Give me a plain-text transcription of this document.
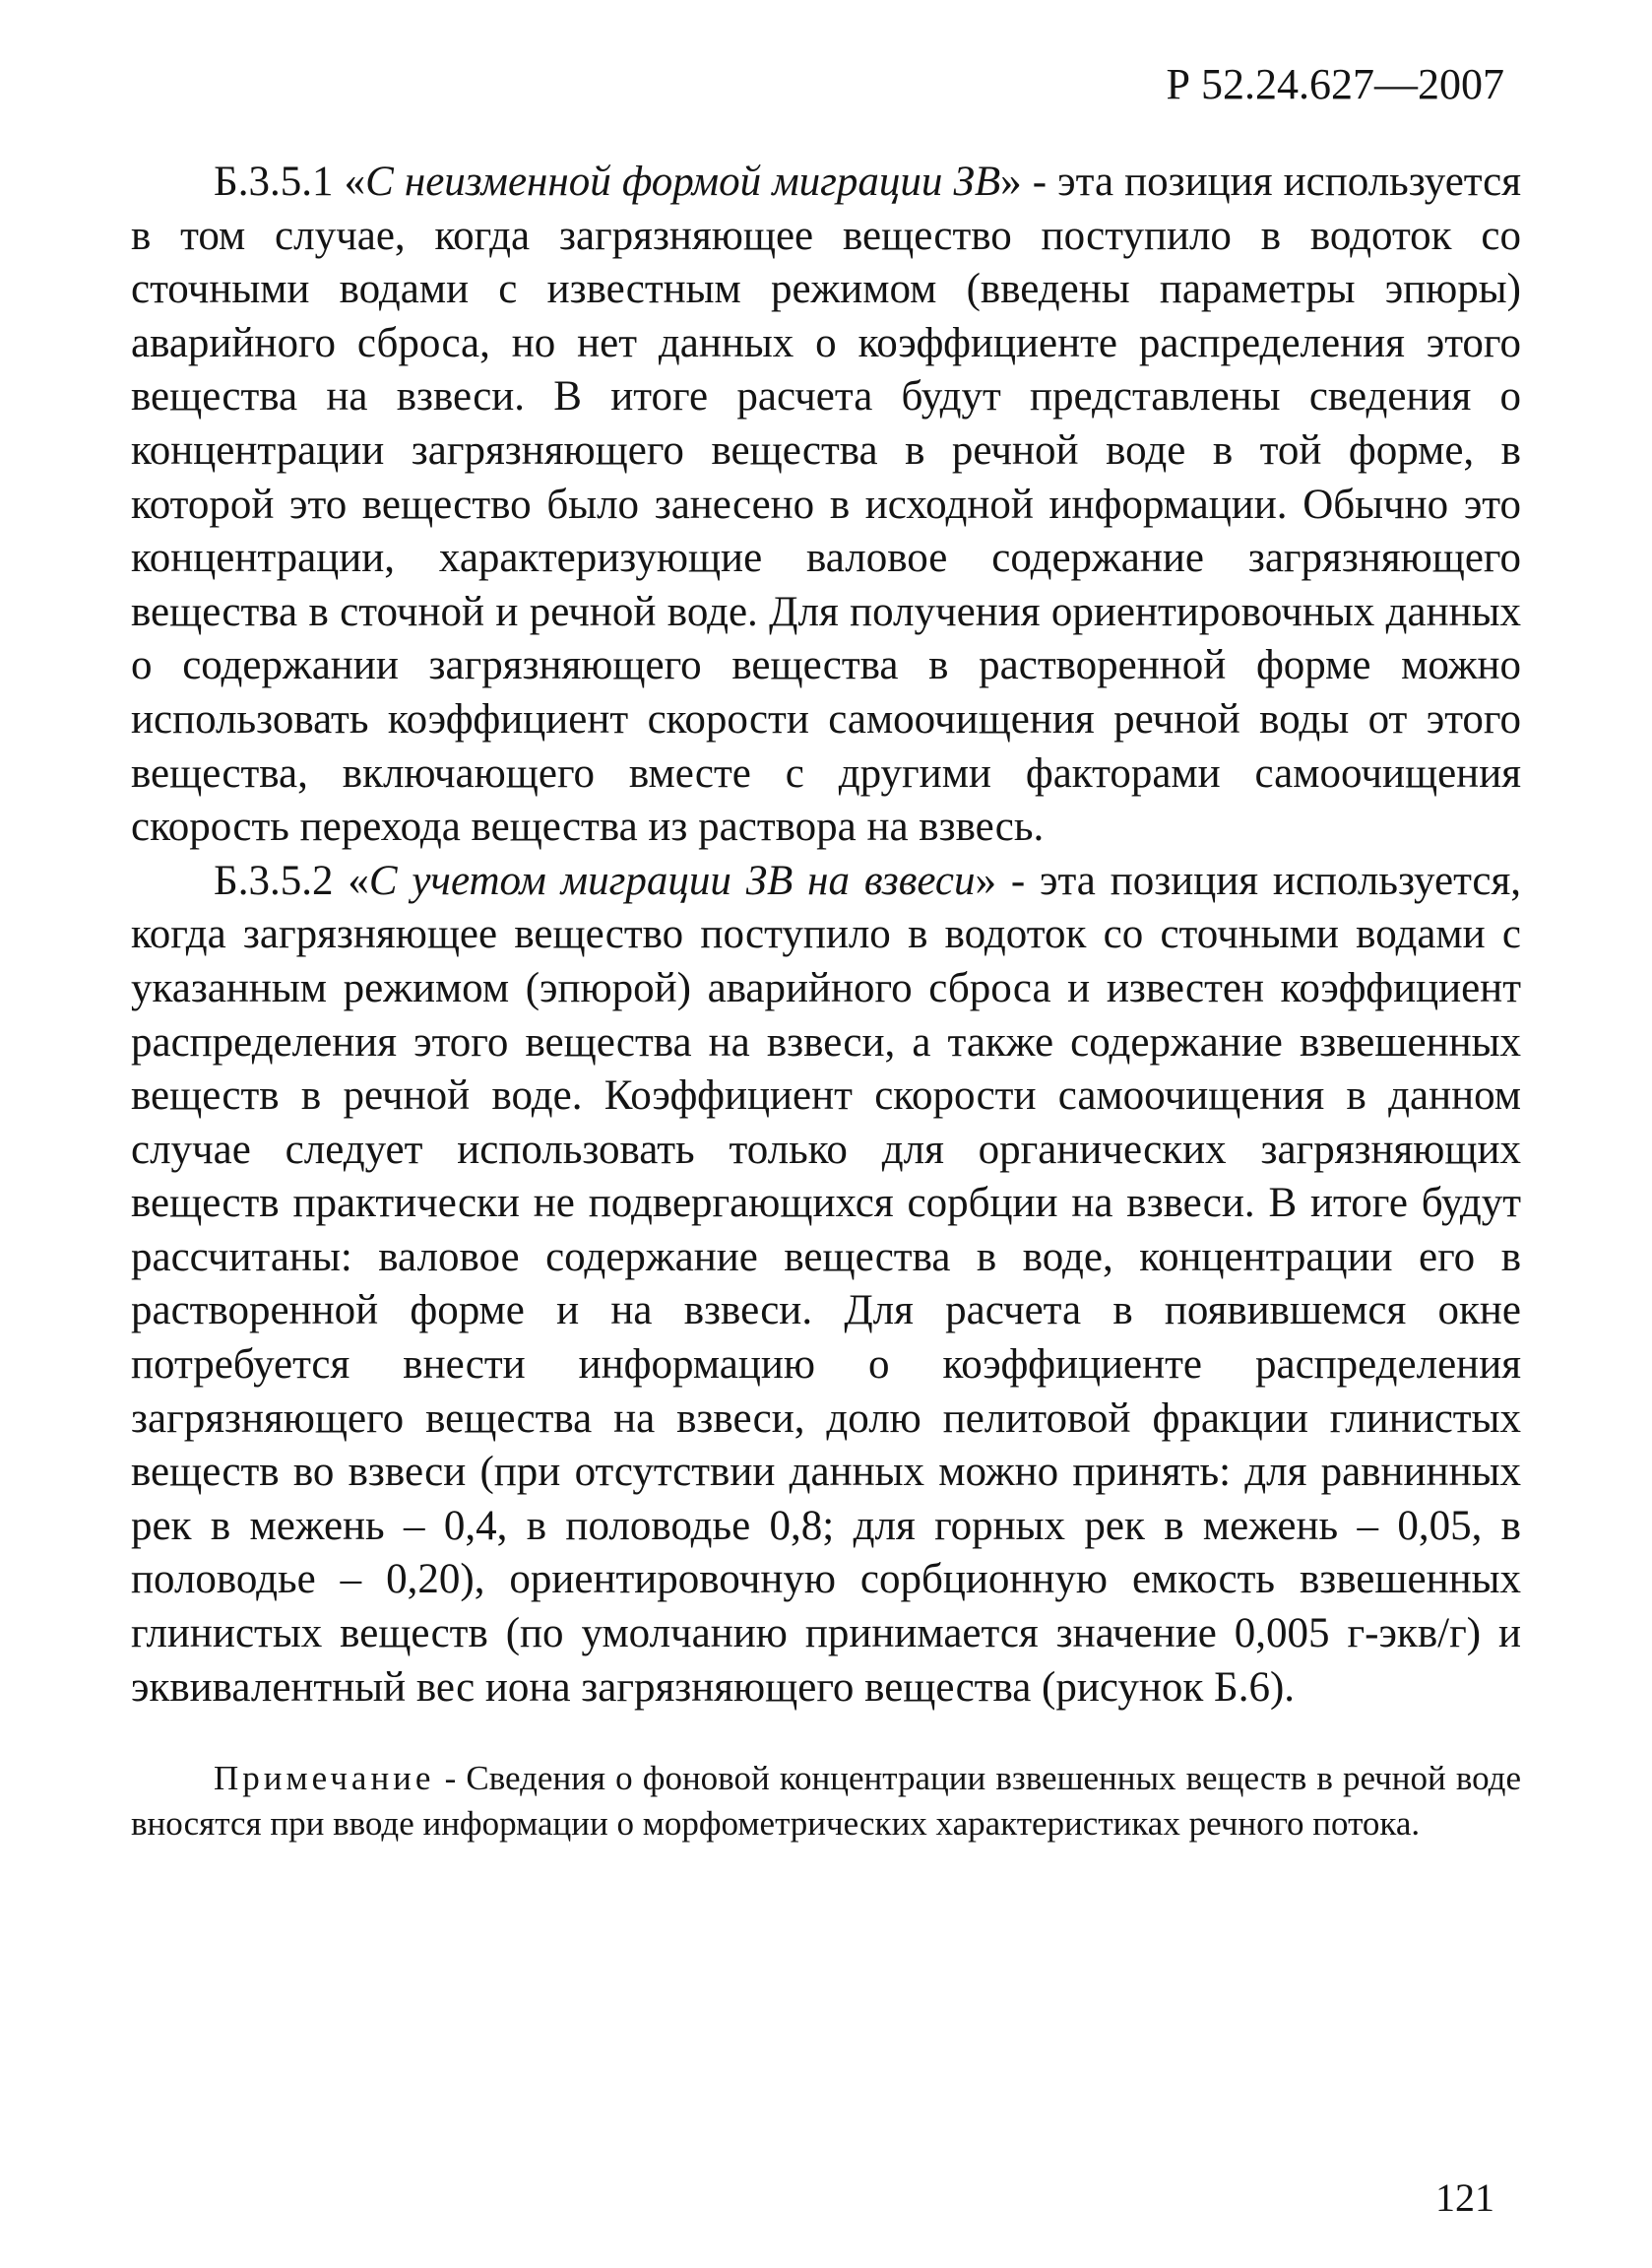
Р 52.24.627—2007

Б.3.5.1 «С неизменной формой миграции ЗВ» - эта позиция используется в том случае, когда загрязняющее вещество поступило в водоток со сточными водами с известным режимом (введены параметры эпюры) аварийного сброса, но нет данных о коэффициенте распределения этого вещества на взвеси. В итоге расчета будут представлены сведения о концентрации загрязняющего вещества в речной воде в той форме, в которой это вещество было занесено в исходной информации. Обычно это концентрации, характеризующие валовое содержание загрязняющего вещества в сточной и речной воде. Для получения ориентировочных данных о содержании загрязняющего вещества в растворенной форме можно использовать коэффициент скорости самоочищения речной воды от этого вещества, включающего вместе с другими факторами самоочищения скорость перехода вещества из раствора на взвесь.

Б.3.5.2 «С учетом миграции ЗВ на взвеси» - эта позиция используется, когда загрязняющее вещество поступило в водоток со сточными водами с указанным режимом (эпюрой) аварийного сброса и известен коэффициент распределения этого вещества на взвеси, а также содержание взвешенных веществ в речной воде. Коэффициент скорости самоочищения в данном случае следует использовать только для органических загрязняющих веществ практически не подвергающихся сорбции на взвеси. В итоге будут рассчитаны: валовое содержание вещества в воде, концентрации его в растворенной форме и на взвеси. Для расчета в появившемся окне потребуется внести информацию о коэффициенте распределения загрязняющего вещества на взвеси, долю пелитовой фракции глинистых веществ во взвеси (при отсутствии данных можно принять: для равнинных рек в межень – 0,4, в половодье 0,8; для горных рек в межень – 0,05, в половодье – 0,20), ориентировочную сорбционную емкость взвешенных глинистых веществ (по умолчанию принимается значение 0,005 г-экв/г) и эквивалентный вес иона загрязняющего вещества (рисунок Б.6).

Примечание - Сведения о фоновой концентрации взвешенных веществ в речной воде вносятся при вводе информации о морфометрических характеристиках речного потока.

121
